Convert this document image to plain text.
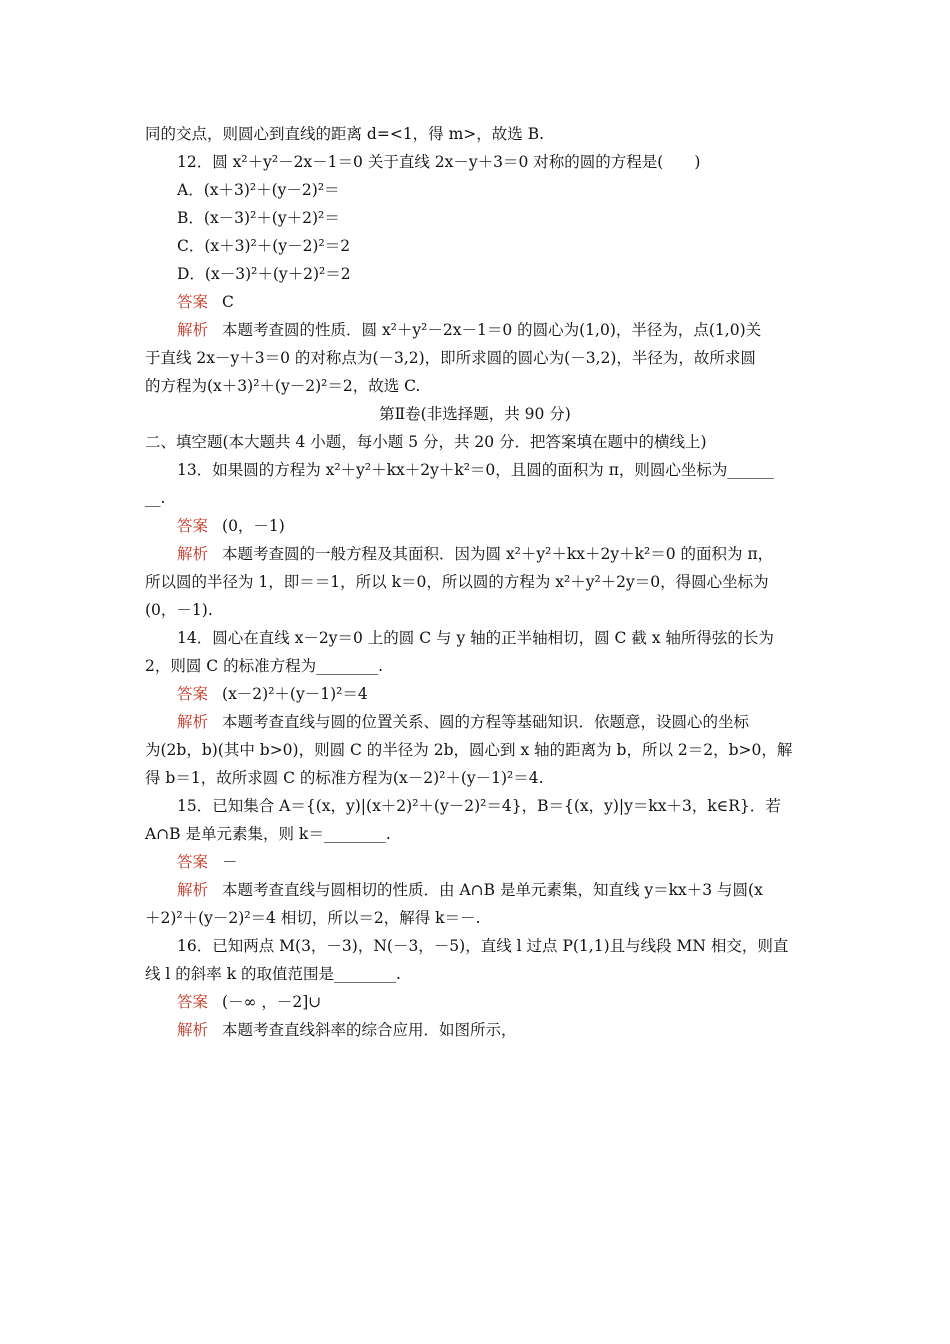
同的交点，则圆心到直线的距离 d=<1，得 m>，故选 B.
12．圆 x²＋y²－2x－1＝0 关于直线 2x－y＋3＝0 对称的圆的方程是(　　)
A．(x＋3)²＋(y－2)²＝
B．(x－3)²＋(y＋2)²＝
C．(x＋3)²＋(y－2)²＝2
D．(x－3)²＋(y＋2)²＝2
答案 C
解析 本题考查圆的性质．圆 x²＋y²－2x－1＝0 的圆心为(1,0)，半径为，点(1,0)关
于直线 2x－y＋3＝0 的对称点为(－3,2)，即所求圆的圆心为(－3,2)，半径为，故所求圆
的方程为(x＋3)²＋(y－2)²＝2，故选 C.
第Ⅱ卷(非选择题，共 90 分)
二、填空题(本大题共 4 小题，每小题 5 分，共 20 分．把答案填在题中的横线上)
13．如果圆的方程为 x²＋y²＋kx＋2y＋k²＝0，且圆的面积为 π，则圆心坐标为______
__.
答案 (0，－1)
解析 本题考查圆的一般方程及其面积．因为圆 x²＋y²＋kx＋2y＋k²＝0 的面积为 π，
所以圆的半径为 1，即＝＝1，所以 k＝0，所以圆的方程为 x²＋y²＋2y＝0，得圆心坐标为
(0，－1).
14．圆心在直线 x－2y＝0 上的圆 C 与 y 轴的正半轴相切，圆 C 截 x 轴所得弦的长为
2，则圆 C 的标准方程为________.
答案 (x－2)²＋(y－1)²＝4
解析 本题考查直线与圆的位置关系、圆的方程等基础知识．依题意，设圆心的坐标
为(2b，b)(其中 b>0)，则圆 C 的半径为 2b，圆心到 x 轴的距离为 b，所以 2＝2，b>0，解
得 b＝1，故所求圆 C 的标准方程为(x－2)²＋(y－1)²＝4.
15．已知集合 A＝{(x，y)|(x＋2)²＋(y－2)²＝4}，B＝{(x，y)|y＝kx＋3，k∈R}．若
A∩B 是单元素集，则 k＝________.
答案 －
解析 本题考查直线与圆相切的性质．由 A∩B 是单元素集，知直线 y＝kx＋3 与圆(x
＋2)²＋(y－2)²＝4 相切，所以＝2，解得 k＝－.
16．已知两点 M(3，－3)，N(－3，－5)，直线 l 过点 P(1,1)且与线段 MN 相交，则直
线 l 的斜率 k 的取值范围是________.
答案 (－∞ ，－2]∪
解析 本题考查直线斜率的综合应用．如图所示，
